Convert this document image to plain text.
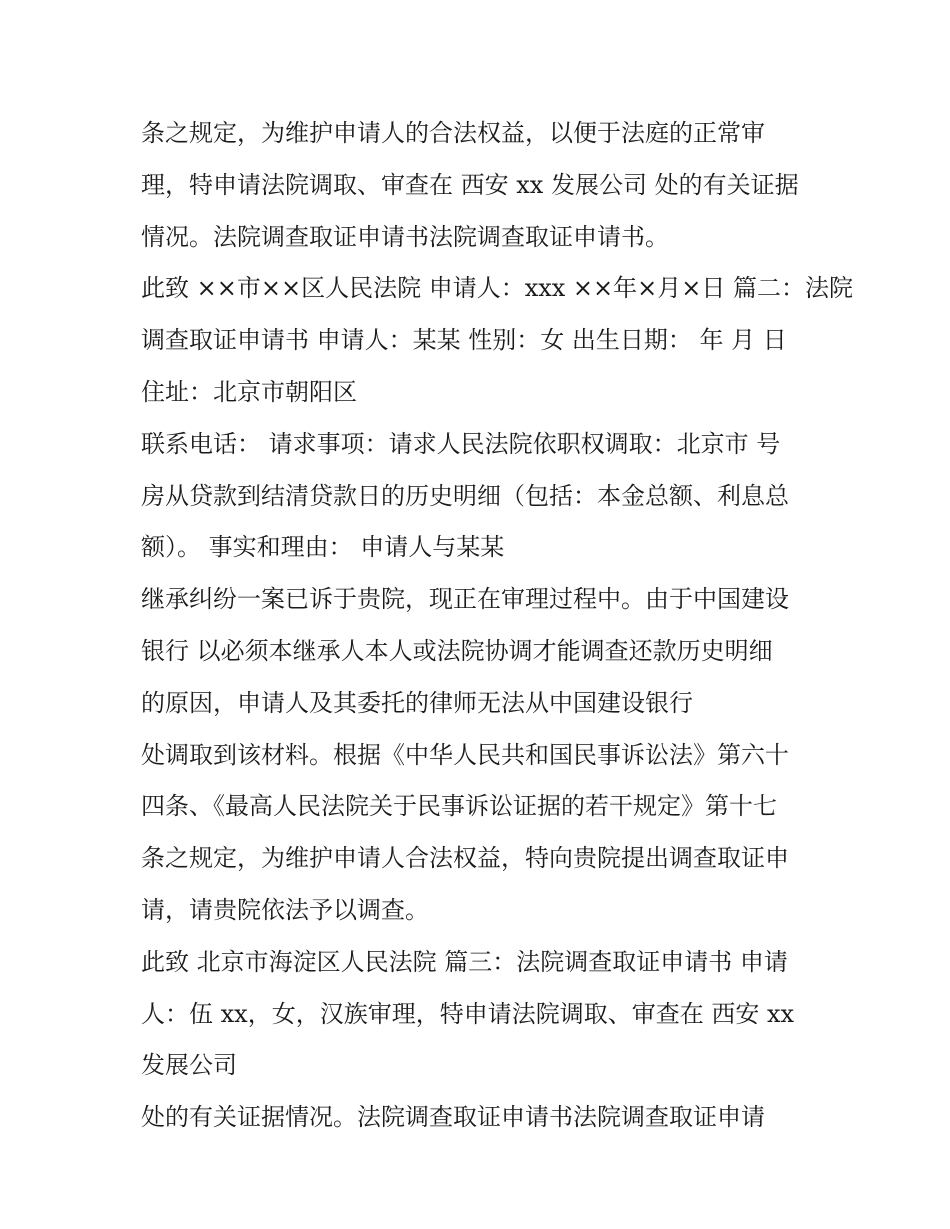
条之规定，为维护申请人的合法权益，以便于法庭的正常审
理，特申请法院调取、审查在 西安 xx 发展公司 处的有关证据
情况。法院调查取证申请书法院调查取证申请书。
此致 ××市××区人民法院 申请人：xxx ××年×月×日 篇二：法院
调查取证申请书 申请人：某某 性别：女 出生日期： 年 月 日
住址：北京市朝阳区
联系电话： 请求事项：请求人民法院依职权调取：北京市 号
房从贷款到结清贷款日的历史明细（包括：本金总额、利息总
额）。 事实和理由： 申请人与某某
继承纠纷一案已诉于贵院，现正在审理过程中。由于中国建设
银行 以必须本继承人本人或法院协调才能调查还款历史明细
的原因，申请人及其委托的律师无法从中国建设银行
处调取到该材料。根据《中华人民共和国民事诉讼法》第六十
四条、《最高人民法院关于民事诉讼证据的若干规定》第十七
条之规定，为维护申请人合法权益，特向贵院提出调查取证申
请，请贵院依法予以调查。
此致 北京市海淀区人民法院 篇三：法院调查取证申请书 申请
人：伍 xx，女，汉族审理，特申请法院调取、审查在 西安 xx
发展公司
处的有关证据情况。法院调查取证申请书法院调查取证申请
